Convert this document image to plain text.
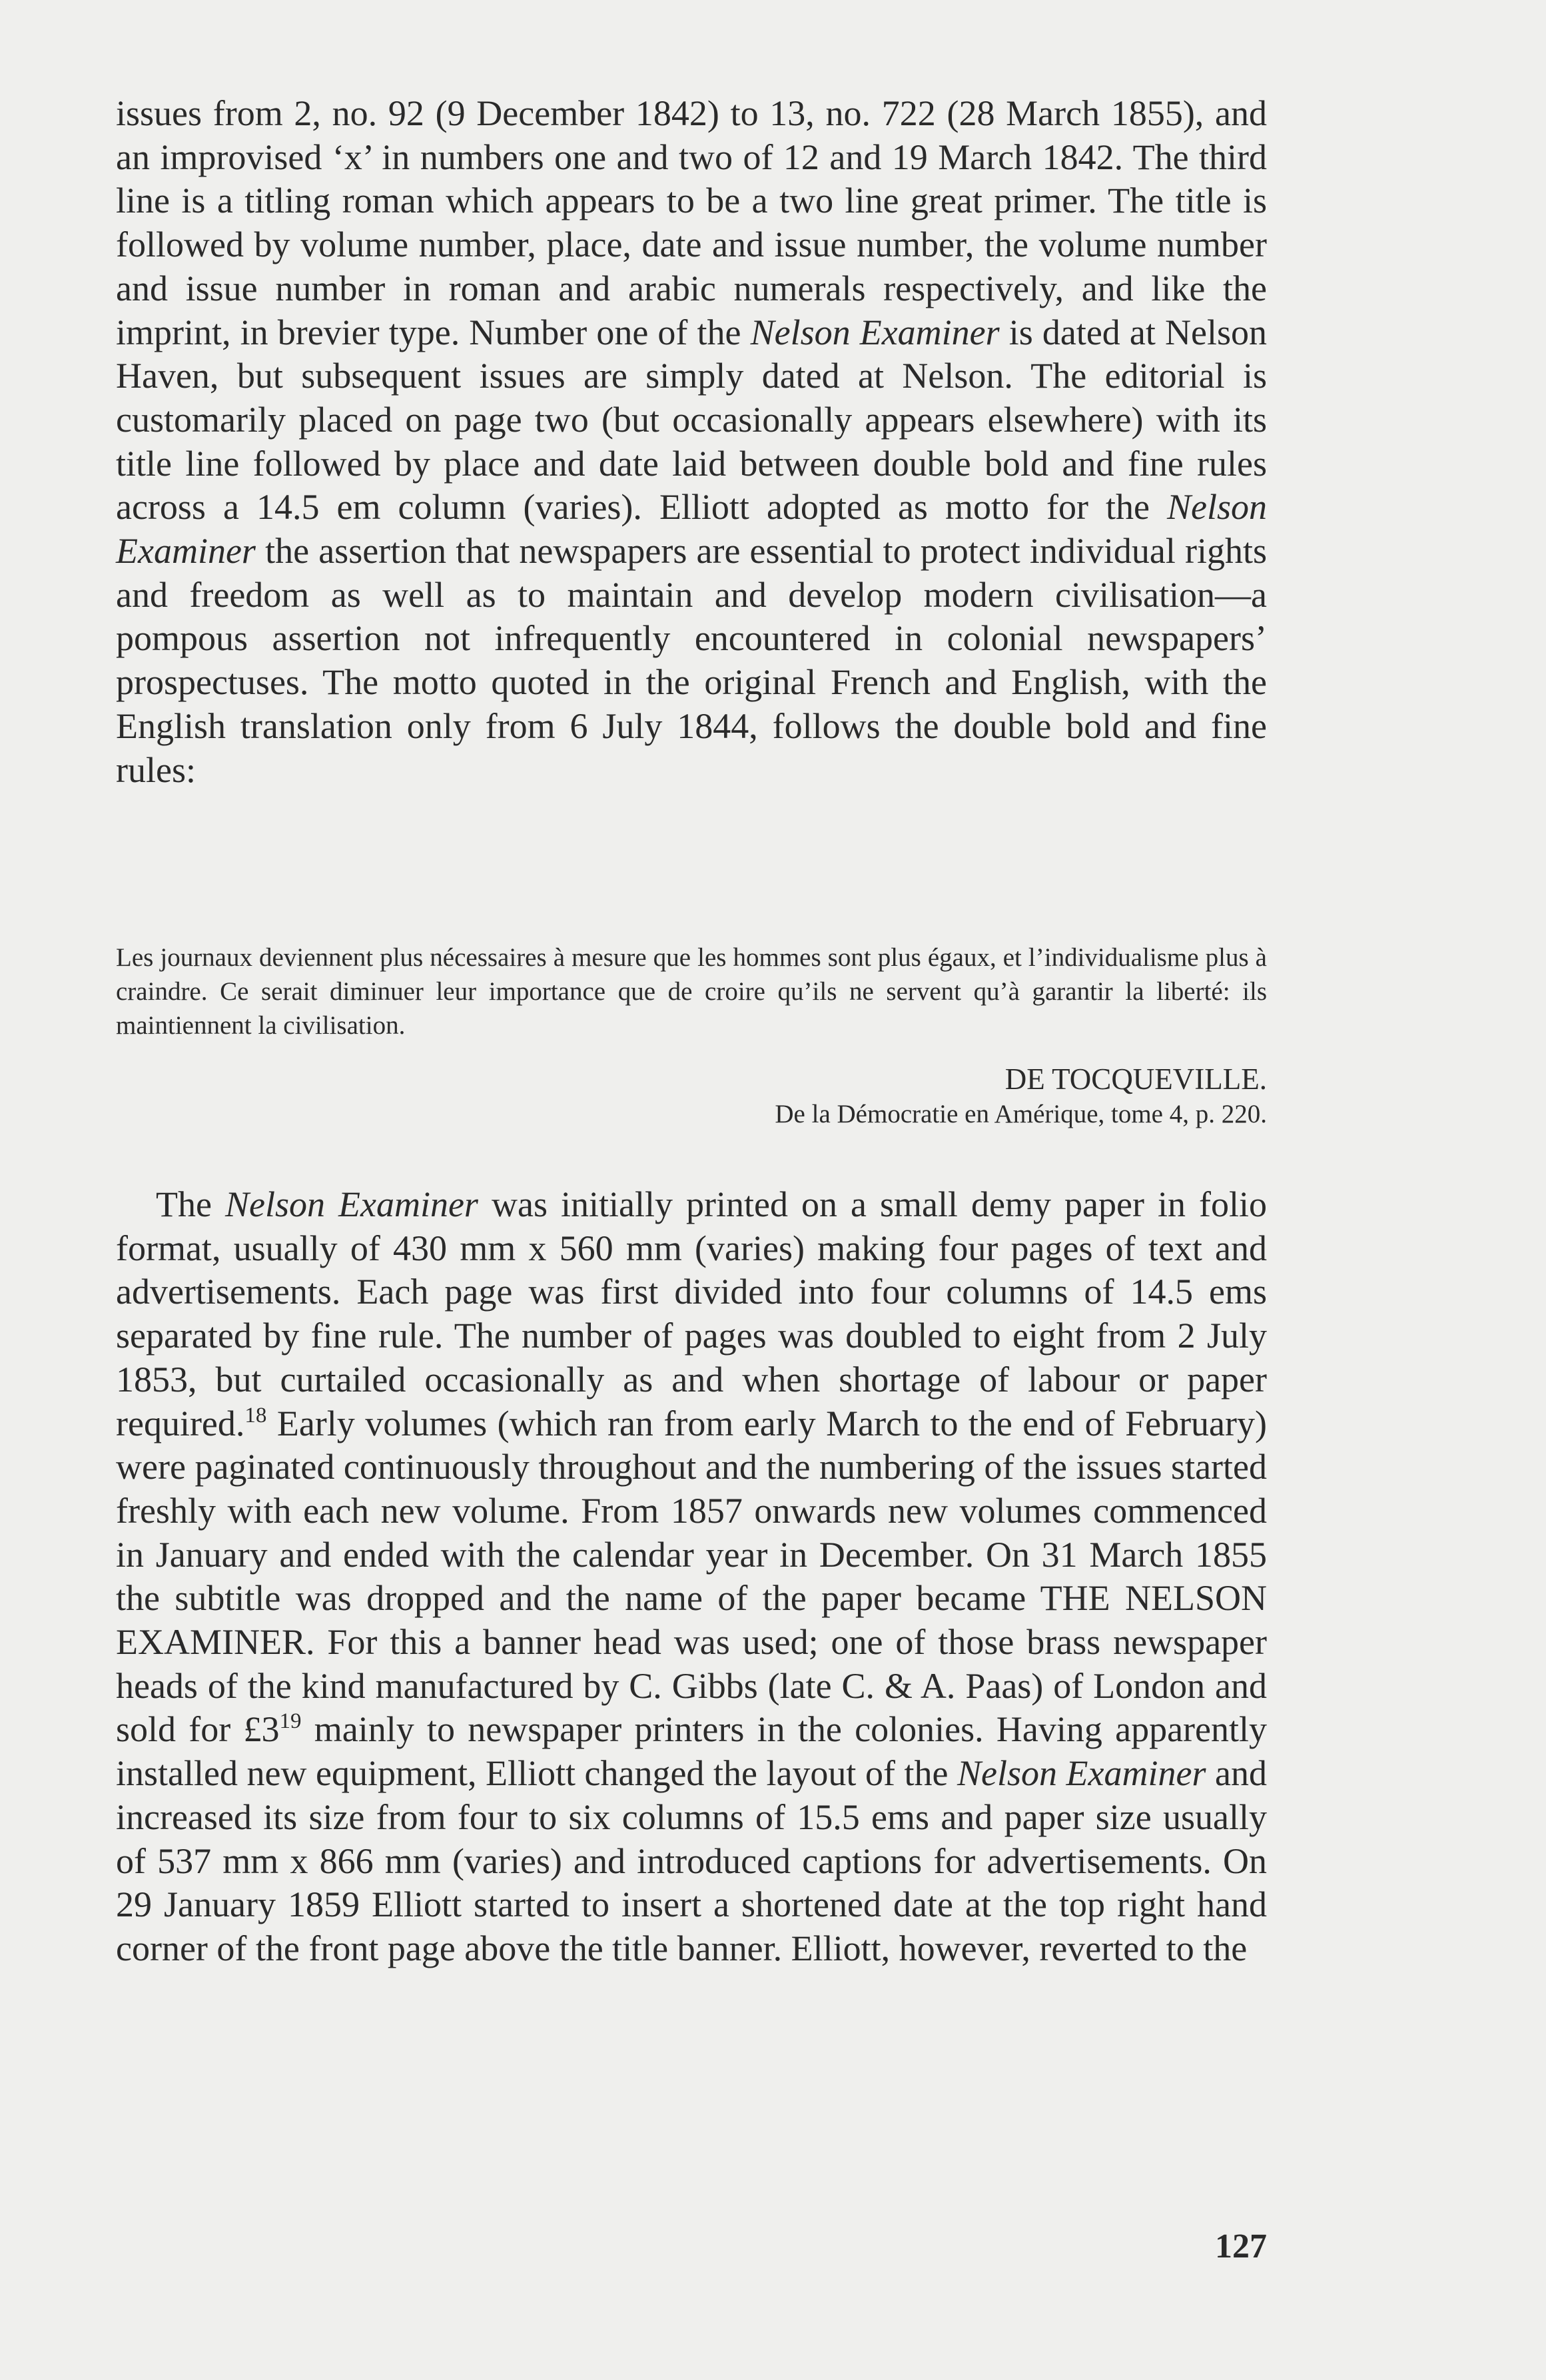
issues from 2, no. 92 (9 December 1842) to 13, no. 722 (28 March 1855), and an improvised ‘x’ in numbers one and two of 12 and 19 March 1842. The third line is a titling roman which appears to be a two line great primer. The title is followed by volume number, place, date and issue number, the volume number and issue number in roman and arabic numerals respectively, and like the imprint, in brevier type. Number one of the Nelson Examiner is dated at Nelson Haven, but subsequent issues are simply dated at Nelson. The editorial is customarily placed on page two (but occasionally appears elsewhere) with its title line followed by place and date laid between double bold and fine rules across a 14.5 em column (varies). Elliott adopted as motto for the Nelson Examiner the assertion that newspapers are essential to protect individual rights and freedom as well as to maintain and develop modern civilisation—a pompous assertion not infrequently encountered in colonial newspapers’ prospectuses. The motto quoted in the original French and English, with the English translation only from 6 July 1844, follows the double bold and fine rules:

Les journaux deviennent plus nécessaires à mesure que les hommes sont plus égaux, et l’individualisme plus à craindre. Ce serait diminuer leur importance que de croire qu’ils ne servent qu’à garantir la liberté: ils maintiennent la civilisation.

DE TOCQUEVILLE.
De la Démocratie en Amérique, tome 4, p. 220.

The Nelson Examiner was initially printed on a small demy paper in folio format, usually of 430 mm x 560 mm (varies) making four pages of text and advertisements. Each page was first divided into four columns of 14.5 ems separated by fine rule. The number of pages was doubled to eight from 2 July 1853, but curtailed occasionally as and when shortage of labour or paper required.$^{18}$ Early volumes (which ran from early March to the end of February) were paginated continuously throughout and the numbering of the issues started freshly with each new volume. From 1857 onwards new volumes commenced in January and ended with the calendar year in December. On 31 March 1855 the subtitle was dropped and the name of the paper became THE NELSON EXAMINER. For this a banner head was used; one of those brass newspaper heads of the kind manufactured by C. Gibbs (late C. & A. Paas) of London and sold for $£3^{19}$ mainly to newspaper printers in the colonies. Having apparently installed new equipment, Elliott changed the layout of the Nelson Examiner and increased its size from four to six columns of 15.5 ems and paper size usually of 537 mm x 866 mm (varies) and introduced captions for advertisements. On 29 January 1859 Elliott started to insert a shortened date at the top right hand corner of the front page above the title banner. Elliott, however, reverted to the

127
